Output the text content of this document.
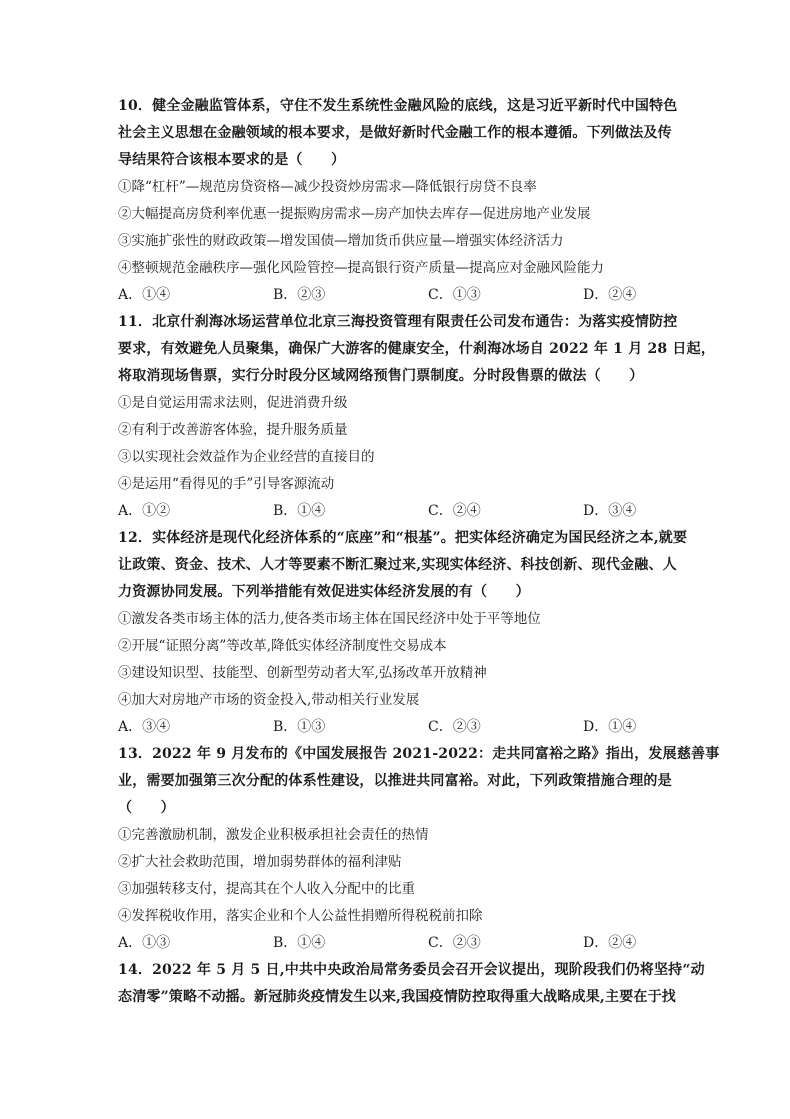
10．健全金融监管体系，守住不发生系统性金融风险的底线，这是习近平新时代中国特色
社会主义思想在金融领域的根本要求，是做好新时代金融工作的根本遵循。下列做法及传
导结果符合该根本要求的是（　　）
①降“杠杆”—规范房贷资格—减少投资炒房需求—降低银行房贷不良率
②大幅提高房贷利率优惠一提振购房需求—房产加快去库存—促进房地产业发展
③实施扩张性的财政政策—增发国债—增加货币供应量—增强实体经济活力
④整顿规范金融秩序—强化风险管控—提高银行资产质量—提高应对金融风险能力
A．①④	B．②③	C．①③	D．②④
11．北京什刹海冰场运营单位北京三海投资管理有限责任公司发布通告：为落实疫情防控
要求，有效避免人员聚集，确保广大游客的健康安全，什刹海冰场自 2022 年 1 月 28 日起，
将取消现场售票，实行分时段分区域网络预售门票制度。分时段售票的做法（　　）
①是自觉运用需求法则，促进消费升级
②有利于改善游客体验，提升服务质量
③以实现社会效益作为企业经营的直接目的
④是运用“看得见的手”引导客源流动
A．①②	B．①④	C．②④	D．③④
12．实体经济是现代化经济体系的“底座”和“根基”。把实体经济确定为国民经济之本,就要
让政策、资金、技术、人才等要素不断汇聚过来,实现实体经济、科技创新、现代金融、人
力资源协同发展。下列举措能有效促进实体经济发展的有（　　）
①激发各类市场主体的活力,使各类市场主体在国民经济中处于平等地位
②开展“证照分离”等改革,降低实体经济制度性交易成本
③建设知识型、技能型、创新型劳动者大军,弘扬改革开放精神
④加大对房地产市场的资金投入,带动相关行业发展
A．③④	B．①③	C．②③	D．①④
13．2022 年 9 月发布的《中国发展报告 2021-2022：走共同富裕之路》指出，发展慈善事
业，需要加强第三次分配的体系性建设，以推进共同富裕。对此，下列政策措施合理的是
（　　）
①完善激励机制，激发企业积极承担社会责任的热情
②扩大社会救助范围，增加弱势群体的福利津贴
③加强转移支付，提高其在个人收入分配中的比重
④发挥税收作用，落实企业和个人公益性捐赠所得税税前扣除
A．①③	B．①④	C．②③	D．②④
14．2022 年 5 月 5 日,中共中央政治局常务委员会召开会议提出，现阶段我们仍将坚持“动
态清零”策略不动摇。新冠肺炎疫情发生以来,我国疫情防控取得重大战略成果,主要在于找
